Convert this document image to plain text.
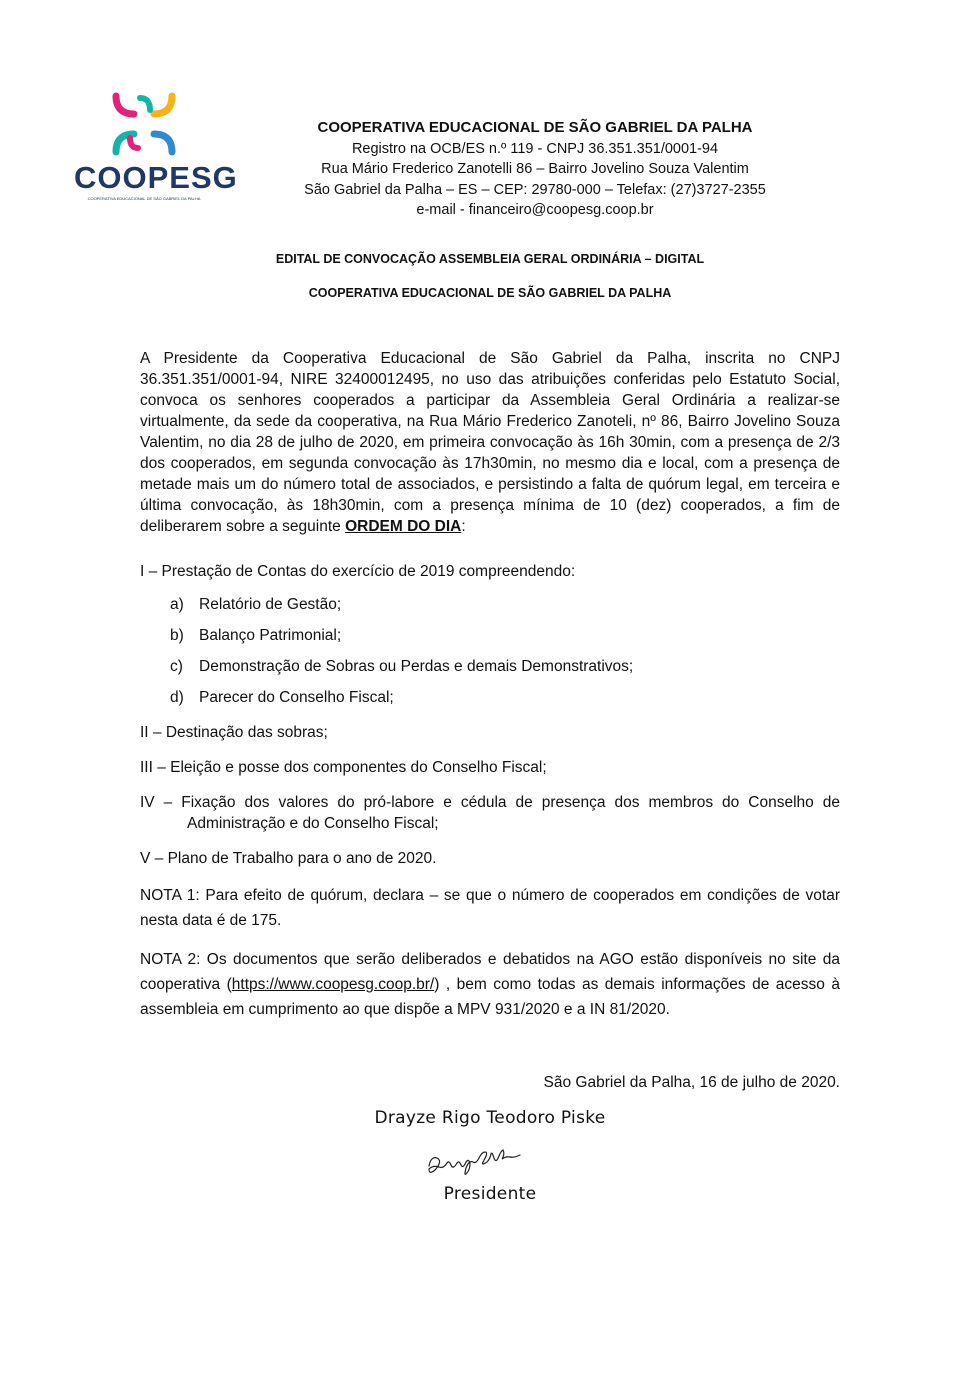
COOPESG
COOPERATIVA EDUCACIONAL DE SÃO GABRIEL DA PALHA
COOPERATIVA EDUCACIONAL DE SÃO GABRIEL DA PALHA
Registro na OCB/ES n.º 119 - CNPJ 36.351.351/0001-94
Rua Mário Frederico Zanotelli 86 – Bairro Jovelino Souza Valentim
São Gabriel da Palha – ES – CEP: 29780-000 – Telefax: (27)3727-2355
e-mail - financeiro@coopesg.coop.br
EDITAL DE CONVOCAÇÃO ASSEMBLEIA GERAL ORDINÁRIA – DIGITAL
COOPERATIVA EDUCACIONAL DE SÃO GABRIEL DA PALHA
A Presidente da Cooperativa Educacional de São Gabriel da Palha, inscrita no CNPJ 36.351.351/0001-94, NIRE 32400012495, no uso das atribuições conferidas pelo Estatuto Social, convoca os senhores cooperados a participar da Assembleia Geral Ordinária a realizar-se virtualmente, da sede da cooperativa, na Rua Mário Frederico Zanoteli, nº 86, Bairro Jovelino Souza Valentim, no dia 28 de julho de 2020, em primeira convocação às 16h 30min, com a presença de 2/3 dos cooperados, em segunda convocação às 17h30min, no mesmo dia e local, com a presença de metade mais um do número total de associados, e persistindo a falta de quórum legal, em terceira e última convocação, às 18h30min, com a presença mínima de 10 (dez) cooperados, a fim de deliberarem sobre a seguinte ORDEM DO DIA:
I – Prestação de Contas do exercício de 2019 compreendendo:
a) Relatório de Gestão;
b) Balanço Patrimonial;
c)	Demonstração de Sobras ou Perdas e demais Demonstrativos;
d) Parecer do Conselho Fiscal;
II – Destinação das sobras;
III – Eleição e posse dos componentes do Conselho Fiscal;
IV – Fixação dos valores do pró-labore e cédula de presença dos membros do Conselho de Administração e do Conselho Fiscal;
V – Plano de Trabalho para o ano de 2020.
NOTA 1: Para efeito de quórum, declara – se que o número de cooperados em condições de votar nesta data é de 175.
NOTA 2: Os documentos que serão deliberados e debatidos na AGO estão disponíveis no site da cooperativa (https://www.coopesg.coop.br/) , bem como todas as demais informações de acesso à assembleia em cumprimento ao que dispõe a MPV 931/2020 e a IN 81/2020.
São Gabriel da Palha, 16 de julho de 2020.
Drayze Rigo Teodoro Piske
Presidente
